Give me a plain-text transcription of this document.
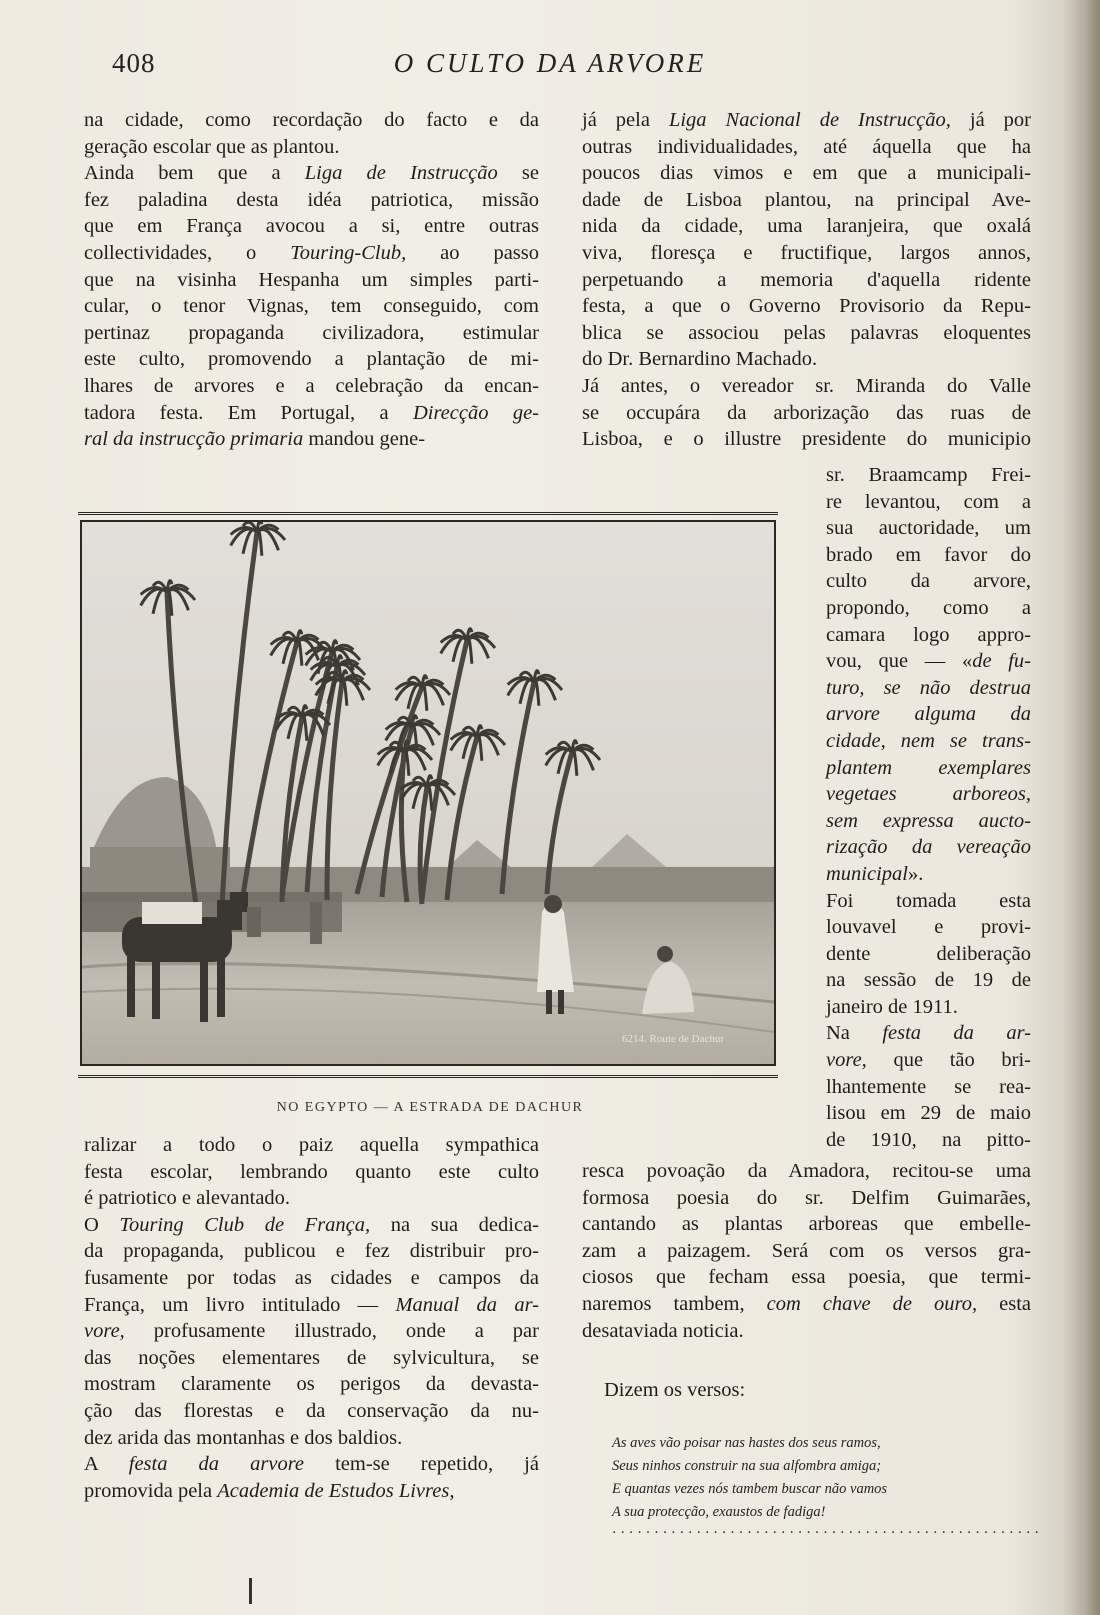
408	O CULTO DA ARVORE
na cidade, como recordação do facto e da
geração escolar que as plantou.
Ainda bem que a Liga de Instrucção se
fez paladina desta idéa patriotica, missão
que em França avocou a si, entre outras
collectividades, o Touring-Club, ao passo
que na visinha Hespanha um simples parti-
cular, o tenor Vignas, tem conseguido, com
pertinaz propaganda civilizadora, estimular
este culto, promovendo a plantação de mi-
lhares de arvores e a celebração da encan-
tadora festa. Em Portugal, a Direcção ge-
ral da instrucção primaria mandou gene-
já pela Liga Nacional de Instrucção, já por
outras individualidades, até áquella que ha
poucos dias vimos e em que a municipali-
dade de Lisboa plantou, na principal Ave-
nida da cidade, uma laranjeira, que oxalá
viva, floresça e fructifique, largos annos,
perpetuando a memoria d'aquella ridente
festa, a que o Governo Provisorio da Repu-
blica se associou pelas palavras eloquentes
do Dr. Bernardino Machado.
Já antes, o vereador sr. Miranda do Valle
se occupára da arborização das ruas de
Lisboa, e o illustre presidente do municipio
sr. Braamcamp Frei-
re levantou, com a
sua auctoridade, um
brado em favor do
culto da arvore,
propondo, como a
camara logo appro-
vou, que — «de fu-
turo, se não destrua
arvore alguma da
cidade, nem se trans-
plantem exemplares
vegetaes arboreos,
sem expressa aucto-
rização da vereação
municipal».
Foi tomada esta
louvavel e provi-
dente deliberação
na sessão de 19 de
janeiro de 1911.
Na festa da ar-
vore, que tão bri-
lhantemente se rea-
lisou em 29 de maio
de 1910, na pitto-
6214. Route de Dachur
NO EGYPTO — A ESTRADA DE DACHUR
ralizar a todo o paiz aquella sympathica
festa escolar, lembrando quanto este culto
é patriotico e alevantado.
O Touring Club de França, na sua dedica-
da propaganda, publicou e fez distribuir pro-
fusamente por todas as cidades e campos da
França, um livro intitulado — Manual da ar-
vore, profusamente illustrado, onde a par
das noções elementares de sylvicultura, se
mostram claramente os perigos da devasta-
ção das florestas e da conservação da nu-
dez arida das montanhas e dos baldios.
A festa da arvore tem-se repetido, já
promovida pela Academia de Estudos Livres,
resca povoação da Amadora, recitou-se uma
formosa poesia do sr. Delfim Guimarães,
cantando as plantas arboreas que embelle-
zam a paizagem. Será com os versos gra-
ciosos que fecham essa poesia, que termi-
naremos tambem, com chave de ouro, esta
desataviada noticia.
Dizem os versos:
As aves vão poisar nas hastes dos seus ramos,
Seus ninhos construir na sua alfombra amiga;
E quantas vezes nós tambem buscar não vamos
A sua protecção, exaustos de fadiga!
...................................................
